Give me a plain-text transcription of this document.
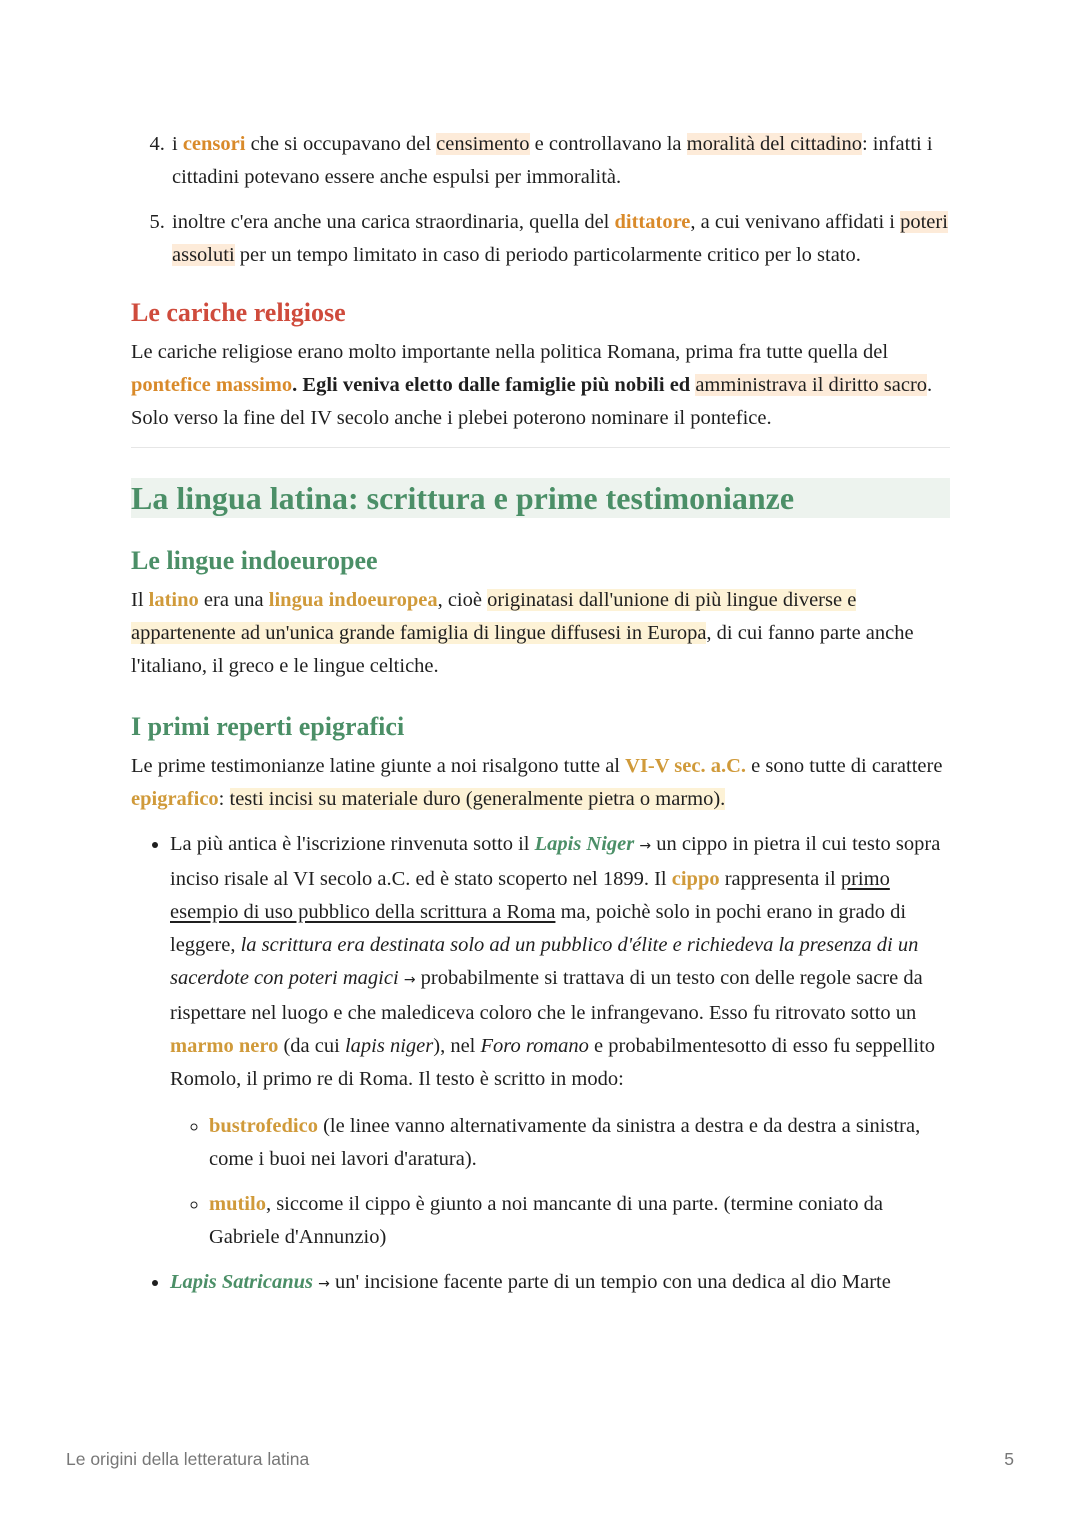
4. i censori che si occupavano del censimento e controllavano la moralità del cittadino: infatti i cittadini potevano essere anche espulsi per immoralità.
5. inoltre c'era anche una carica straordinaria, quella del dittatore, a cui venivano affidati i poteri assoluti per un tempo limitato in caso di periodo particolarmente critico per lo stato.
Le cariche religiose

Le cariche religiose erano molto importante nella politica Romana, prima fra tutte quella del pontefice massimo. Egli veniva eletto dalle famiglie più nobili ed amministrava il diritto sacro. Solo verso la fine del IV secolo anche i plebei poterono nominare il pontefice.

La lingua latina: scrittura e prime testimonianze
Le lingue indoeuropee

Il latino era una lingua indoeuropea, cioè originatasi dall'unione di più lingue diverse e appartenente ad un'unica grande famiglia di lingue diffusesi in Europa, di cui fanno parte anche l'italiano, il greco e le lingue celtiche.

I primi reperti epigrafici

Le prime testimonianze latine giunte a noi risalgono tutte al VI-V sec. a.C. e sono tutte di carattere epigrafico: testi incisi su materiale duro (generalmente pietra o marmo).

• La più antica è l'iscrizione rinvenuta sotto il Lapis Niger → un cippo in pietra il cui testo sopra inciso risale al VI secolo a.C. ed è stato scoperto nel 1899. Il cippo rappresenta il primo esempio di uso pubblico della scrittura a Roma ma, poichè solo in pochi erano in grado di leggere, la scrittura era destinata solo ad un pubblico d'élite e richiedeva la presenza di un sacerdote con poteri magici → probabilmente si trattava di un testo con delle regole sacre da rispettare nel luogo e che malediceva coloro che le infrangevano. Esso fu ritrovato sotto un marmo nero (da cui lapis niger), nel Foro romano e probabilmentesotto di esso fu seppellito Romolo, il primo re di Roma. Il testo è scritto in modo:
◦ bustrofedico (le linee vanno alternativamente da sinistra a destra e da destra a sinistra, come i buoi nei lavori d'aratura).
◦ mutilo, siccome il cippo è giunto a noi mancante di una parte. (termine coniato da Gabriele d'Annunzio)
• Lapis Satricanus → un' incisione facente parte di un tempio con una dedica al dio Marte
Le origini della letteratura latina	5
